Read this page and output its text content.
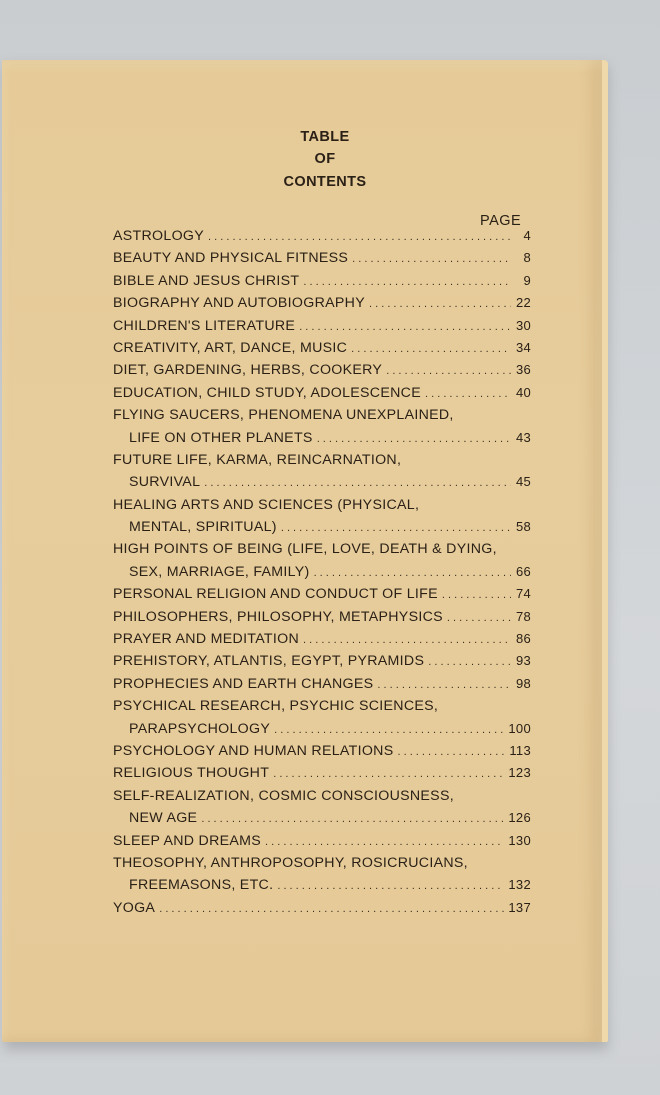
TABLE
OF
CONTENTS
PAGE
ASTROLOGY . . .	4
BEAUTY AND PHYSICAL FITNESS . . .	8
BIBLE AND JESUS CHRIST . . .	9
BIOGRAPHY AND AUTOBIOGRAPHY . . .	22
CHILDREN'S LITERATURE . . .	30
CREATIVITY, ART, DANCE, MUSIC . . .	34
DIET, GARDENING, HERBS, COOKERY . . .	36
EDUCATION, CHILD STUDY, ADOLESCENCE . . .	40
FLYING SAUCERS, PHENOMENA UNEXPLAINED,
LIFE ON OTHER PLANETS . . .	43
FUTURE LIFE, KARMA, REINCARNATION,
SURVIVAL . . .	45
HEALING ARTS AND SCIENCES (PHYSICAL,
MENTAL, SPIRITUAL) . . .	58
HIGH POINTS OF BEING (LIFE, LOVE, DEATH & DYING,
SEX, MARRIAGE, FAMILY) . . .	66
PERSONAL RELIGION AND CONDUCT OF LIFE . . .	74
PHILOSOPHERS, PHILOSOPHY, METAPHYSICS . . .	78
PRAYER AND MEDITATION . . .	86
PREHISTORY, ATLANTIS, EGYPT, PYRAMIDS . . .	93
PROPHECIES AND EARTH CHANGES . . .	98
PSYCHICAL RESEARCH, PSYCHIC SCIENCES,
PARAPSYCHOLOGY . . .	100
PSYCHOLOGY AND HUMAN RELATIONS . . .	113
RELIGIOUS THOUGHT . . .	123
SELF-REALIZATION, COSMIC CONSCIOUSNESS,
NEW AGE . . .	126
SLEEP AND DREAMS . . .	130
THEOSOPHY, ANTHROPOSOPHY, ROSICRUCIANS,
FREEMASONS, ETC. . . .	132
YOGA . . .	137
